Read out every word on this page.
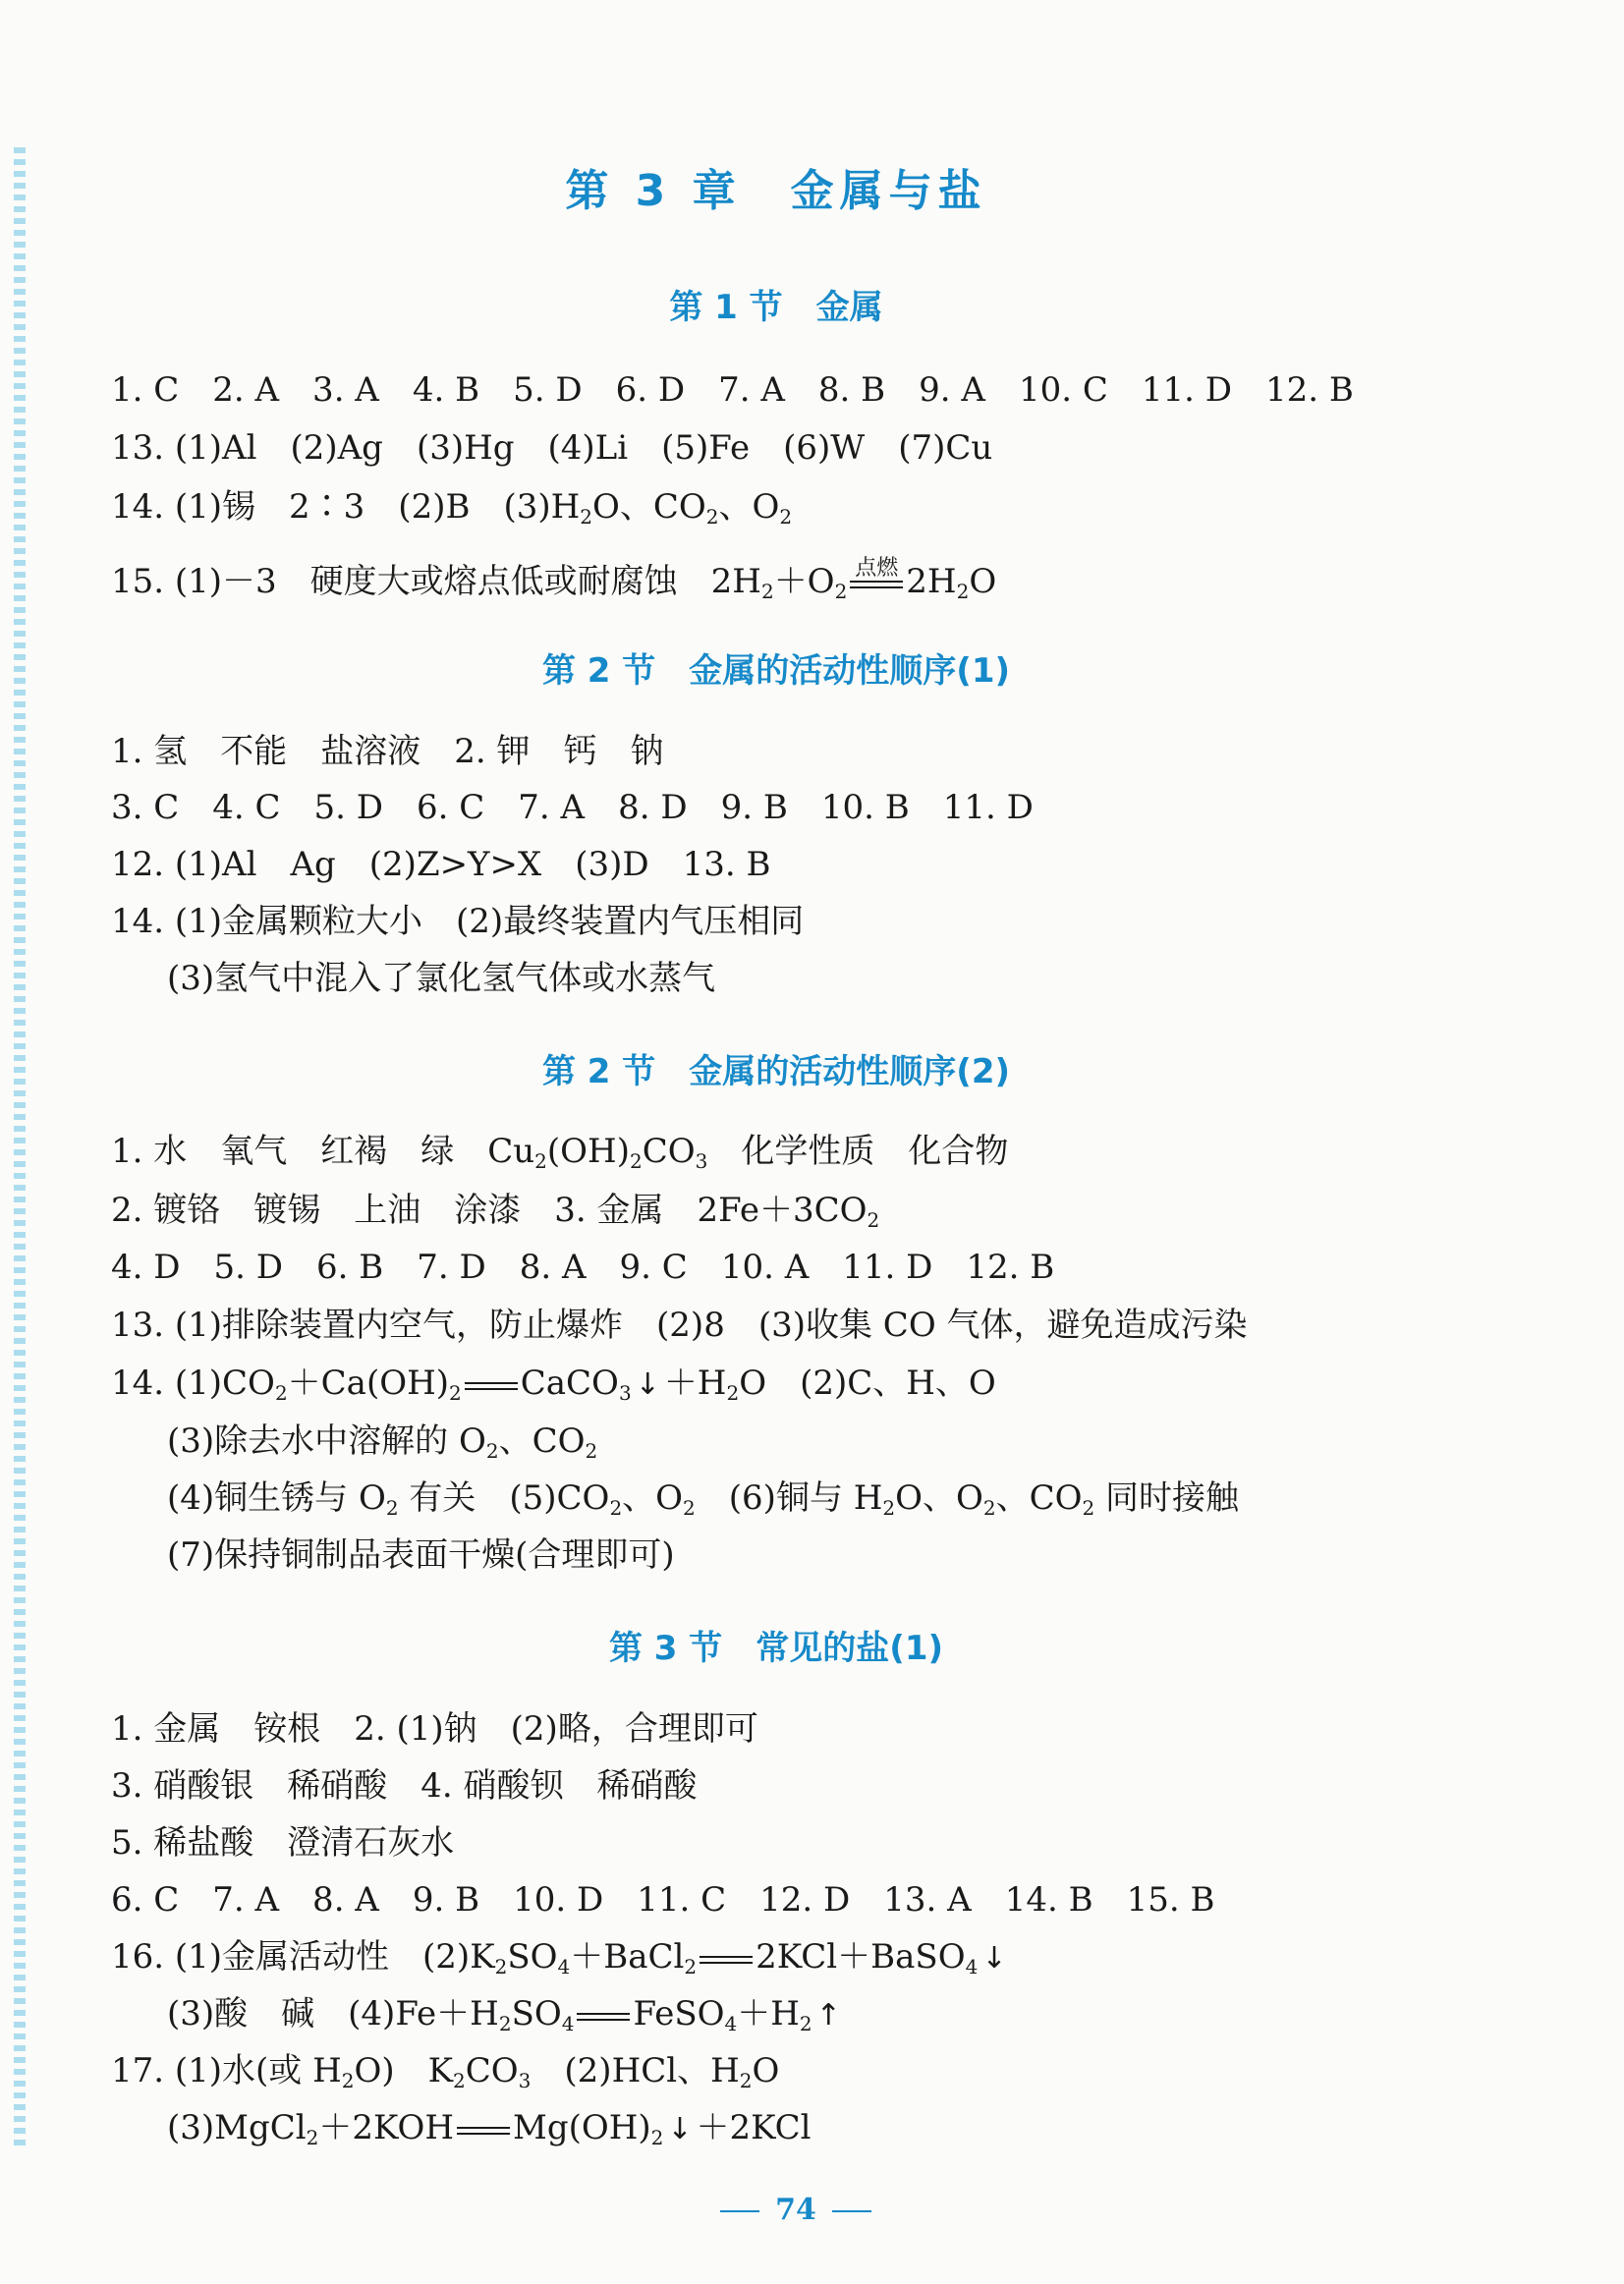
第 3 章　金属与盐
第 1 节　金属
1. C　2. A　3. A　4. B　5. D　6. D　7. A　8. B　9. A　10. C　11. D　12. B
13. (1)Al　(2)Ag　(3)Hg　(4)Li　(5)Fe　(6)W　(7)Cu
14. (1)锡　2∶3　(2)B　$(3)H_2O$、$CO_2$、$O_2$
15. (1)－3　硬度大或熔点低或耐腐蚀　$2H_2+O_2$
点燃 $2H_2O$
第 2 节　金属的活动性顺序(1)
1. 氢　不能　盐溶液　2. 钾　钙　钠
3. C　4. C　5. D　6. C　7. A　8. D　9. B　10. B　11. D
12. (1)Al　Ag　(2)Z>Y>X　(3)D　13. B
14. (1)金属颗粒大小　(2)最终装置内气压相同
(3)氢气中混入了氯化氢气体或水蒸气
第 2 节　金属的活动性顺序(2)
1. 水　氧气　红褐　绿　$Cu_2(OH)_2CO_3$　化学性质　化合物
2. 镀铬　镀锡　上油　涂漆　3. 金属　$2Fe+3CO_2$
4. D　5. D　6. B　7. D　8. A　9. C　10. A　11. D　12. B
13. (1)排除装置内空气，防止爆炸　(2)8　(3)收集 CO 气体，避免造成污染
14. $(1)CO_2+Ca(OH)_2$ CaCO$_3$ ↓ $+H_2O$　(2)C、H、O
(3)除去水中溶解的 $O_2$、$CO_2$
(4)铜生锈与 $O_2$ 有关　$(5)CO_2$、$O_2$　(6)铜与 $H_2O$、$O_2$、$CO_2$ 同时接触
(7)保持铜制品表面干燥(合理即可)
第 3 节　常见的盐(1)
1. 金属　铵根　2. (1)钠　(2)略，合理即可
3. 硝酸银　稀硝酸　4. 硝酸钡　稀硝酸
5. 稀盐酸　澄清石灰水
6. C　7. A　8. A　9. B　10. D　11. C　12. D　13. A　14. B　15. B
16. (1)金属活动性　$(2)K_2SO_4+BaCl_2$ 2KCl＋BaSO$_4$ ↓
(3)酸　碱　$(4)Fe+H_2SO_4$ $FeSO_4+H_2$ ↑
17. (1)水(或 $H_2O$)　$K_2CO_3$　(2)HCl、$H_2O$
(3)MgCl$_2$＋2KOH $Mg(OH)_2$ ↓ ＋2KCl
74
